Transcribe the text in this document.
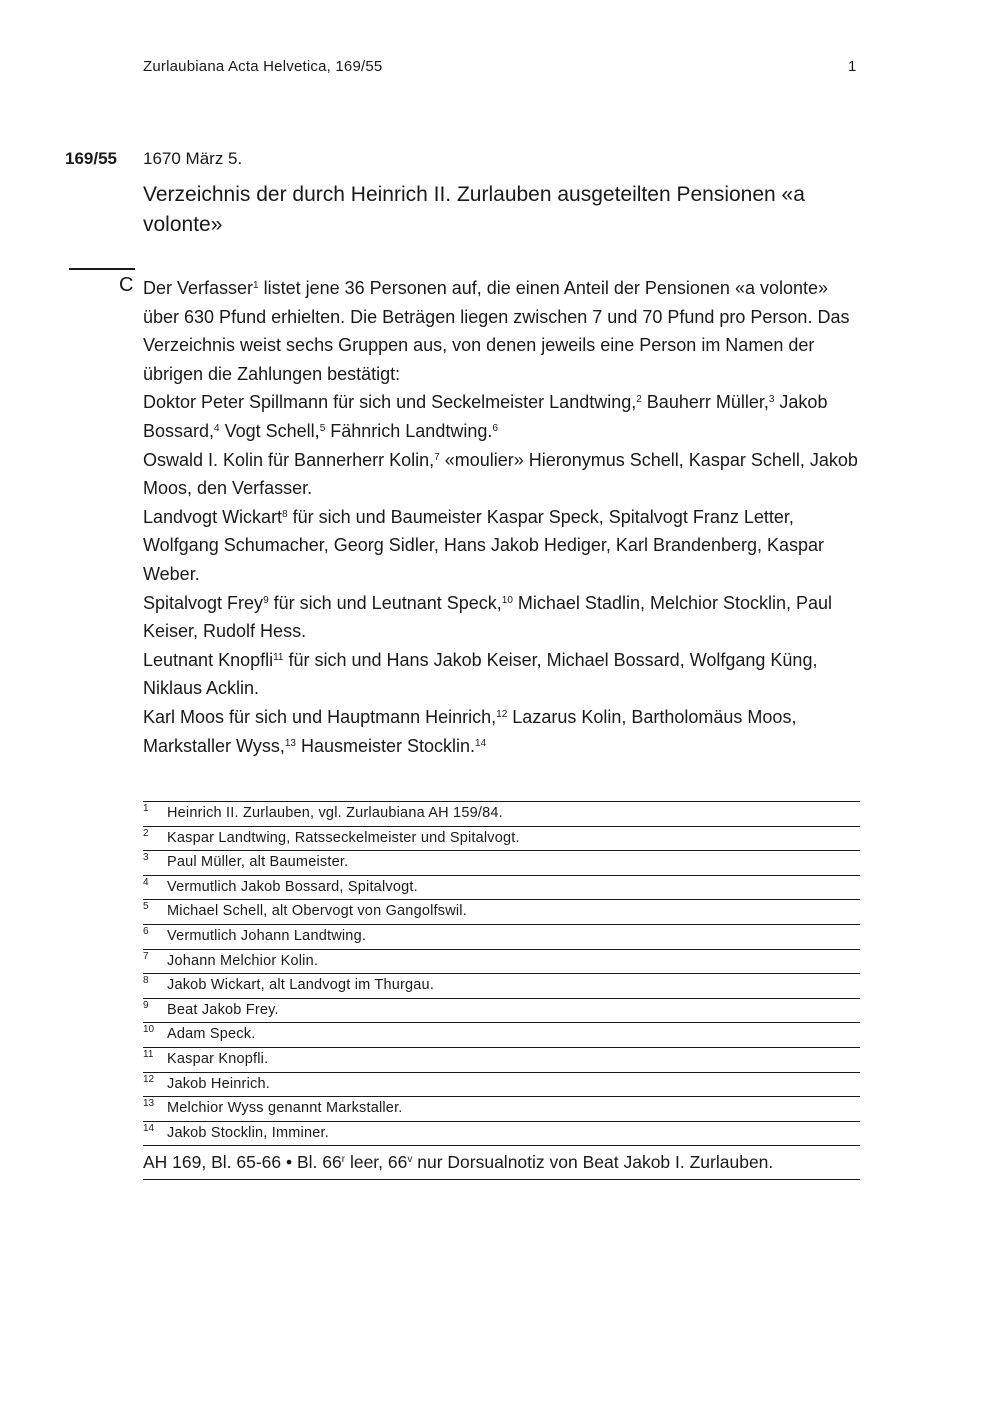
Zurlaubiana Acta Helvetica, 169/55	1
169/55 1670 März 5.
Verzeichnis der durch Heinrich II. Zurlauben ausgeteilten Pensionen «a volonte»
C Der Verfasser$^1$ listet jene 36 Personen auf, die einen Anteil der Pensionen «a volonte» über 630 Pfund erhielten. Die Beträgen liegen zwischen 7 und 70 Pfund pro Person. Das Verzeichnis weist sechs Gruppen aus, von denen jeweils eine Person im Namen der übrigen die Zahlungen bestätigt:

Doktor Peter Spillmann für sich und Seckelmeister Landtwing,$^2$ Bauherr Müller,$^3$ Jakob Bossard,$^4$ Vogt Schell,$^5$ Fähnrich Landtwing.$^6$

Oswald I. Kolin für Bannerherr Kolin,$^7$ «moulier» Hieronymus Schell, Kaspar Schell, Jakob Moos, den Verfasser.

Landvogt Wickart$^8$ für sich und Baumeister Kaspar Speck, Spitalvogt Franz Letter, Wolfgang Schumacher, Georg Sidler, Hans Jakob Hediger, Karl Brandenberg, Kaspar Weber.

Spitalvogt Frey$^9$ für sich und Leutnant Speck,$^{10}$ Michael Stadlin, Melchior Stocklin, Paul Keiser, Rudolf Hess.

Leutnant Knopfli$^{11}$ für sich und Hans Jakob Keiser, Michael Bossard, Wolfgang Küng, Niklaus Acklin.

Karl Moos für sich und Hauptmann Heinrich,$^{12}$ Lazarus Kolin, Bartholomäus Moos, Markstaller Wyss,$^{13}$ Hausmeister Stocklin.$^{14}$

1 Heinrich II. Zurlauben, vgl. Zurlaubiana AH 159/84.
2 Kaspar Landtwing, Ratsseckelmeister und Spitalvogt.
3 Paul Müller, alt Baumeister.
4 Vermutlich Jakob Bossard, Spitalvogt.
5 Michael Schell, alt Obervogt von Gangolfswil.
6 Vermutlich Johann Landtwing.
7 Johann Melchior Kolin.
8 Jakob Wickart, alt Landvogt im Thurgau.
9 Beat Jakob Frey.
10 Adam Speck.
11 Kaspar Knopfli.
12 Jakob Heinrich.
13 Melchior Wyss genannt Markstaller.
14 Jakob Stocklin, Imminer.
AH 169, Bl. 65-66 • Bl. 66$^r$ leer, 66$^v$ nur Dorsualnotiz von Beat Jakob I. Zurlauben.
